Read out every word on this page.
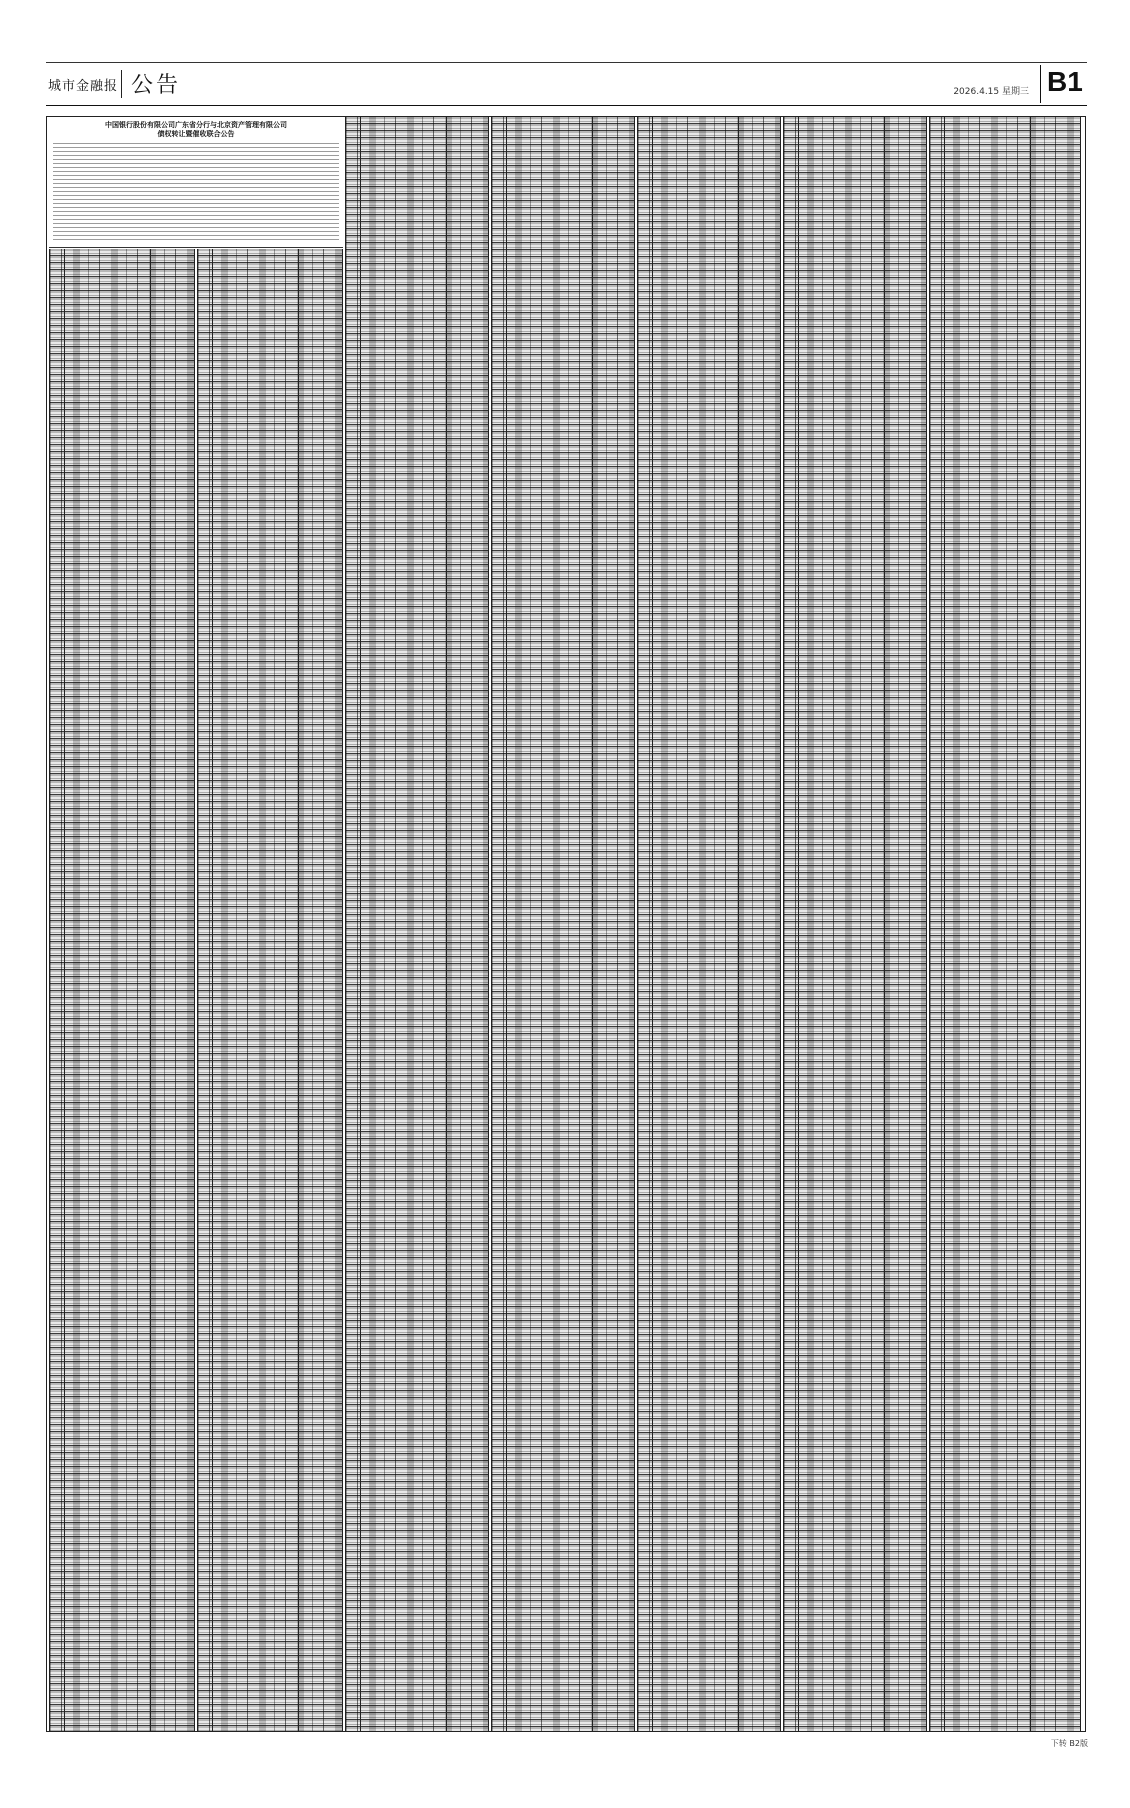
城市金融报 公告	2026.4.15 星期三 B1
中国银行股份有限公司广东省分行与北京资产管理有限公司
债权转让暨催收联合公告
下转 B2版
